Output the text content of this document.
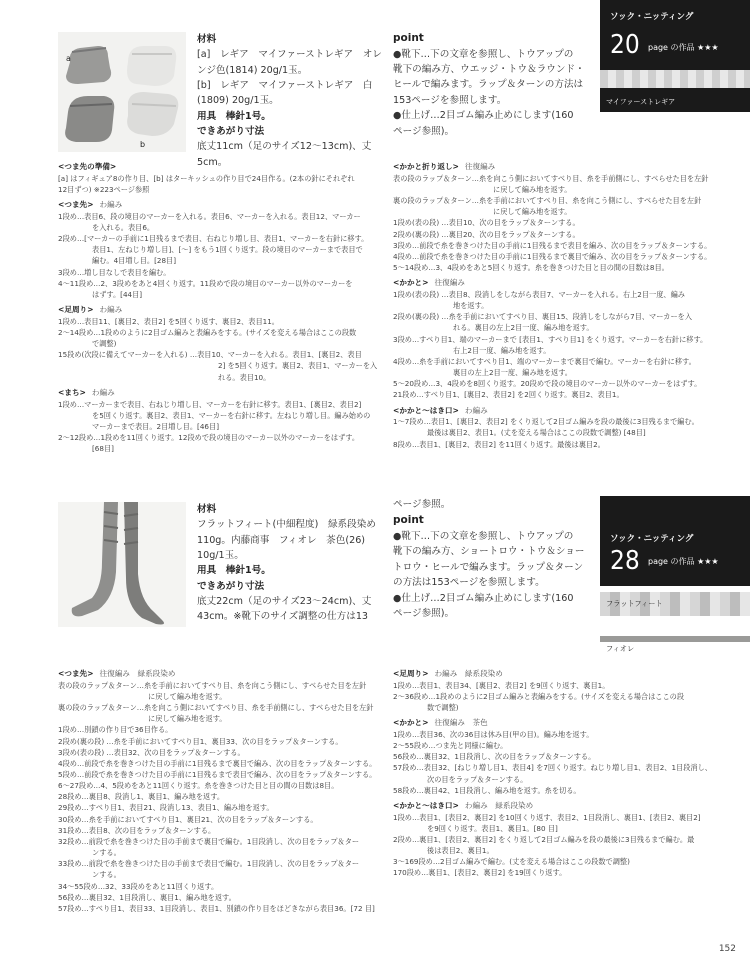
a
b
材料
[a]　レギア　マイファーストレギア　オレ
ンジ色(1814) 20g/1玉。
[b]　レギア　マイファーストレギア　白
(1809) 20g/1玉。
用具　棒針1号。
できあがり寸法
底丈11cm（足のサイズ12～13cm)、丈
5cm。
point
●靴下…下の文章を参照し、トウアップの
靴下の編み方、ウエッジ・トウ＆ラウンド・
ヒールで編みます。ラップ＆ターンの方法は
153ページを参照します。
●仕上げ…2目ゴム編み止めにします(160
ページ参照)。
ソック・ニッティング
20 page の作品 ★★★
マイファーストレギア
<つま先の準備>
[a] はフィギュア8の作り目、[b] はターキッシュの作り目で24目作る。(2本の針にそれぞれ
12目ずつ) ※223ページ参照
<つま先> わ編み
1段め…表目6、段の境目のマーカーを入れる。表目6、マーカーを入れる。表目12、マーカー
を入れる。表目6。
2段め…[マーカーの手前に1目残るまで表目、右ねじり増し目、表目1、マーカーを右針に移す。
表目1、左ねじり増し目]、[～] をもう1回くり返す。段の境目のマーカーまで表目で
編む。4目増し目。[28目]
3段め…増し目なしで表目を編む。
4～11段め…2、3段めをあと4回くり返す。11段めで段の境目のマーカー以外のマーカーを
はずす。[44目]
<足周り> わ編み
1段め…表目11、[裏目2、表目2] を5回くり返す、裏目2、表目11。
2～14段め…1段めのように2目ゴム編みと表編みをする。(サイズを変える場合はここの段数
で調整)
15段め(次段に備えてマーカーを入れる) …表目10、マーカーを入れる。表目1、[裏目2、表目
2] を5回くり返す。裏目2、表目1、マーカーを入
れる。表目10。
<まち> わ編み
1段め…マーカーまで表目、右ねじり増し目、マーカーを右針に移す。表目1、[裏目2、表目2]
を5回くり返す。裏目2、表目1、マーカーを右針に移す。左ねじり増し目。編み始めの
マーカーまで表目。2目増し目。[46目]
2～12段め…1段めを11回くり返す。12段めで段の境目のマーカー以外のマーカーをはずす。
[68目]
<かかと折り返し> 往復編み
表の段のラップ＆ターン…糸を向こう側においてすべり目、糸を手前側にし、すべらせた目を左針
に戻して編み地を返す。
裏の段のラップ＆ターン…糸を手前においてすべり目、糸を向こう側にし、すべらせた目を左針
に戻して編み地を返す。
1段め(表の段) …表目10、次の目をラップ＆ターンする。
2段め(裏の段) …裏目20、次の目をラップ＆ターンする。
3段め…前段で糸を巻きつけた目の手前に1目残るまで表目を編み、次の目をラップ＆ターンする。
4段め…前段で糸を巻きつけた目の手前に1目残るまで裏目で編み、次の目をラップ＆ターンする。
5～14段め…3、4段めをあと5回くり返す。糸を巻きつけた目と目の間の目数は8目。
<かかと> 往復編み
1段め(表の段) …表目8、段消しをしながら表目7、マーカーを入れる。右上2目一度、編み
地を返す。
2段め(裏の段) …糸を手前においてすべり目、裏目15、段消しをしながら7目、マーカーを入
れる。裏目の左上2目一度、編み地を返す。
3段め…すべり目1、端のマーカーまで [表目1、すべり目1] をくり返す。マーカーを右針に移す。
右上2目一度、編み地を返す。
4段め…糸を手前においてすべり目1、端のマーカーまで裏目で編む。マーカーを右針に移す。
裏目の左上2目一度、編み地を返す。
5～20段め…3、4段めを8回くり返す。20段めで段の境目のマーカー以外のマーカーをはずす。
21段め…すべり目1、[裏目2、表目2] を2回くり返す。裏目2、表目1。
<かかと～はき口> わ編み
1～7段め…表目1、[裏目2、表目2] をくり返して2目ゴム編みを段の最後に3目残るまで編む。
最後は裏目2、表目1。(丈を変える場合はここの段数で調整) [48目]
8段め…表目1、[裏目2、表目2] を11回くり返す。最後は裏目2。
材料
フラットフィート(中細程度)　緑系段染め
110g。内藤商事　フィオレ　茶色(26)
10g/1玉。
用具　棒針1号。
できあがり寸法
底丈22cm（足のサイズ23～24cm)、丈
43cm。※靴下のサイズ調整の仕方は13
ページ参照。
point
●靴下…下の文章を参照し、トウアップの
靴下の編み方、ショートロウ・トウ＆ショー
トロウ・ヒールで編みます。ラップ＆ターン
の方法は153ページを参照します。
●仕上げ…2目ゴム編み止めにします(160
ページ参照)。
ソック・ニッティング
28 page の作品 ★★★
フラットフィート
フィオレ
<つま先> 往復編み　緑系段染め
表の段のラップ＆ターン…糸を手前においてすべり目、糸を向こう側にし、すべらせた目を左針
に戻して編み地を返す。
裏の段のラップ＆ターン…糸を向こう側においてすべり目、糸を手前側にし、すべらせた目を左針
に戻して編み地を返す。
1段め…別鎖の作り目で36目作る。
2段め(裏の段) …糸を手前においてすべり目1、裏目33、次の目をラップ＆ターンする。
3段め(表の段) …表目32、次の目をラップ＆ターンする。
4段め…前段で糸を巻きつけた目の手前に1目残るまで裏目で編み、次の目をラップ＆ターンする。
5段め…前段で糸を巻きつけた目の手前に1目残るまで表目で編み、次の目をラップ＆ターンする。
6～27段め…4、5段めをあと11回くり返す。糸を巻きつけた目と目の間の目数は8目。
28段め…裏目8、段消し1、裏目1、編み地を返す。
29段め…すべり目1、表目21、段消し13、表目1、編み地を返す。
30段め…糸を手前においてすべり目1、裏目21、次の目をラップ＆ターンする。
31段め…表目8、次の目をラップ＆ターンする。
32段め…前段で糸を巻きつけた目の手前まで裏目で編む。1目段消し、次の目をラップ＆ター
ンする。
33段め…前段で糸を巻きつけた目の手前まで表目で編む。1目段消し、次の目をラップ＆ター
ンする。
34～55段め…32、33段めをあと11回くり返す。
56段め…裏目32、1目段消し、裏目1、編み地を返す。
57段め…すべり目1、表目33、1目段消し、表目1、別鎖の作り目をほどきながら表目36。[72 目]
<足周り> わ編み　緑系段染め
1段め…表目1、表目34、[裏目2、表目2] を9回くり返す、裏目1。
2～36段め…1段めのように2目ゴム編みと表編みをする。(サイズを変える場合はここの段
数で調整)
<かかと> 往復編み　茶色
1段め…表目36、次の36目は休み目(甲の目)。編み地を返す。
2～55段め…つま先と同様に編む。
56段め…裏目32、1目段消し、次の目をラップ＆ターンする。
57段め…表目32、[ねじり増し目1、表目4] を7回くり返す。ねじり増し目1、表目2、1目段消し、
次の目をラップ＆ターンする。
58段め…裏目42、1目段消し、編み地を返す。糸を切る。
<かかと～はき口> わ編み　緑系段染め
1段め…表目1、[表目2、裏目2] を10回くり返す、表目2、1目段消し、裏目1、[表目2、裏目2]
を9回くり返す。表目1、裏目1。[80 目]
2段め…裏目1、[表目2、裏目2] をくり返して2目ゴム編みを段の最後に3目残るまで編む。最
後は表目2、裏目1。
3～169段め…2目ゴム編みで編む。(丈を変える場合はここの段数で調整)
170段め…裏目1、[表目2、裏目2] を19回くり返す。
152
